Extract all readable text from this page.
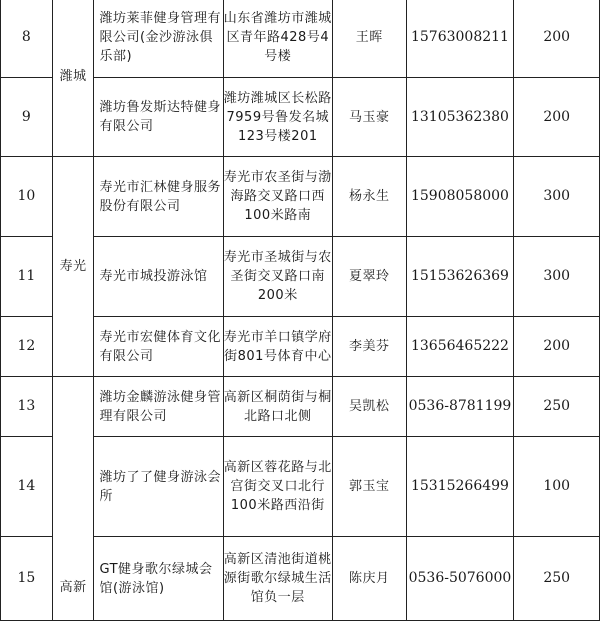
8	潍城	潍坊莱菲健身管理有限公司(金沙游泳俱乐部)	山东省潍坊市潍城区青年路428号4号楼	王晖	15763008211	200

9		潍坊鲁发斯达特健身有限公司	潍坊潍城区长松路7959号鲁发名城123号楼201	马玉豪	13105362380	200

10	寿光	寿光市汇林健身服务股份有限公司	寿光市农圣街与渤海路交叉路口西100米路南	杨永生	15908058000	300

11		寿光市城投游泳馆	寿光市圣城街与农圣街交叉路口南200米	夏翠玲	15153626369	300

12		寿光市宏健体育文化有限公司	寿光市羊口镇学府街801号体育中心	李美芬	13656465222	200

13	高新	潍坊金麟游泳健身管理有限公司	高新区桐荫街与桐北路口北侧	吴凯松	0536-8781199	250

14		潍坊了了健身游泳会所	高新区蓉花路与北宫街交叉口北行100米路西沿街	郭玉宝	15315266499	100

15		GT健身歌尔绿城会馆(游泳馆)	高新区清池街道桃源街歌尔绿城生活馆负一层	陈庆月	0536-5076000	250
